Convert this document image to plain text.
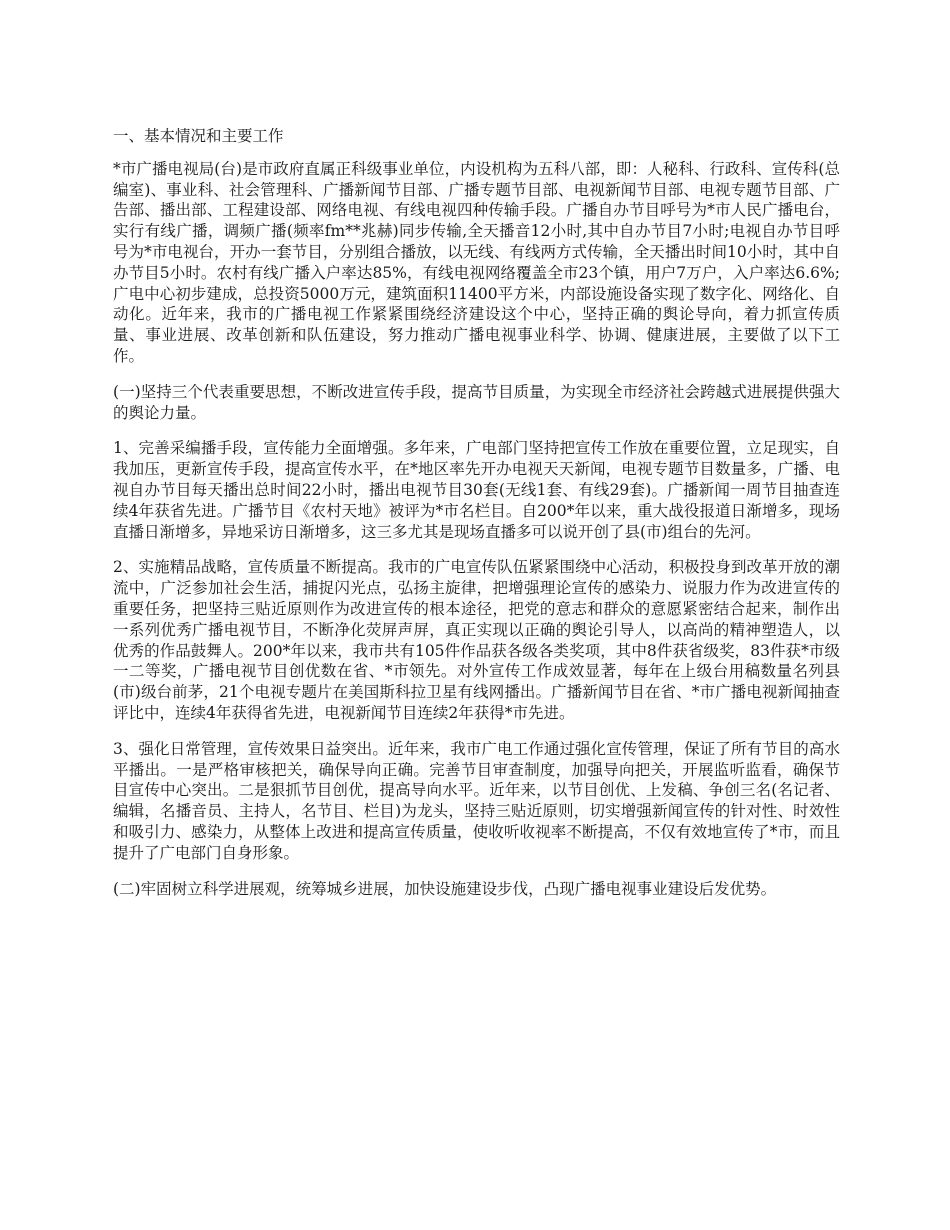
一、基本情况和主要工作

*市广播电视局(台)是市政府直属正科级事业单位，内设机构为五科八部，即：人秘科、行政科、宣传科(总编室)、事业科、社会管理科、广播新闻节目部、广播专题节目部、电视新闻节目部、电视专题节目部、广告部、播出部、工程建设部、网络电视、有线电视四种传输手段。广播自办节目呼号为*市人民广播电台，实行有线广播，调频广播(频率fm**兆赫)同步传输,全天播音12小时,其中自办节目7小时;电视自办节目呼号为*市电视台，开办一套节目，分别组合播放，以无线、有线两方式传输，全天播出时间10小时，其中自办节目5小时。农村有线广播入户率达85%，有线电视网络覆盖全市23个镇，用户7万户，入户率达6.6%;广电中心初步建成，总投资5000万元，建筑面积11400平方米，内部设施设备实现了数字化、网络化、自动化。近年来，我市的广播电视工作紧紧围绕经济建设这个中心，坚持正确的舆论导向，着力抓宣传质量、事业进展、改革创新和队伍建设，努力推动广播电视事业科学、协调、健康进展，主要做了以下工作。

(一)坚持三个代表重要思想，不断改进宣传手段，提高节目质量，为实现全市经济社会跨越式进展提供强大的舆论力量。

1、完善采编播手段，宣传能力全面增强。多年来，广电部门坚持把宣传工作放在重要位置，立足现实，自我加压，更新宣传手段，提高宣传水平，在*地区率先开办电视天天新闻，电视专题节目数量多，广播、电视自办节目每天播出总时间22小时，播出电视节目30套(无线1套、有线29套)。广播新闻一周节目抽查连续4年获省先进。广播节目《农村天地》被评为*市名栏目。自200*年以来，重大战役报道日渐增多，现场直播日渐增多，异地采访日渐增多，这三多尤其是现场直播多可以说开创了县(市)组台的先河。

2、实施精品战略，宣传质量不断提高。我市的广电宣传队伍紧紧围绕中心活动，积极投身到改革开放的潮流中，广泛参加社会生活，捕捉闪光点，弘扬主旋律，把增强理论宣传的感染力、说服力作为改进宣传的重要任务，把坚持三贴近原则作为改进宣传的根本途径，把党的意志和群众的意愿紧密结合起来，制作出一系列优秀广播电视节目，不断净化荧屏声屏，真正实现以正确的舆论引导人，以高尚的精神塑造人，以优秀的作品鼓舞人。200*年以来，我市共有105件作品获各级各类奖项，其中8件获省级奖，83件获*市级一二等奖，广播电视节目创优数在省、*市领先。对外宣传工作成效显著，每年在上级台用稿数量名列县(市)级台前茅，21个电视专题片在美国斯科拉卫星有线网播出。广播新闻节目在省、*市广播电视新闻抽查评比中，连续4年获得省先进，电视新闻节目连续2年获得*市先进。

3、强化日常管理，宣传效果日益突出。近年来，我市广电工作通过强化宣传管理，保证了所有节目的高水平播出。一是严格审核把关，确保导向正确。完善节目审查制度，加强导向把关，开展监听监看，确保节目宣传中心突出。二是狠抓节目创优，提高导向水平。近年来，以节目创优、上发稿、争创三名(名记者、编辑，名播音员、主持人，名节目、栏目)为龙头，坚持三贴近原则，切实增强新闻宣传的针对性、时效性和吸引力、感染力，从整体上改进和提高宣传质量，使收听收视率不断提高，不仅有效地宣传了*市，而且提升了广电部门自身形象。

(二)牢固树立科学进展观，统筹城乡进展，加快设施建设步伐，凸现广播电视事业建设后发优势。
